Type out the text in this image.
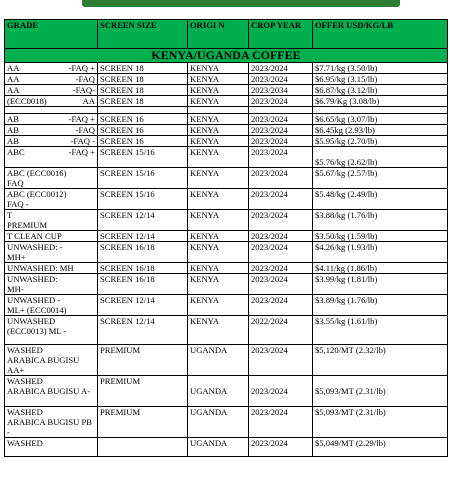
GRADE	SCREEN SIZE	ORIGI N	CROP YEAR	OFFER USD/KG/LB
KENYA/UGANDA COFFEE				

AA -FAQ +	SCREEN 18	KENYA	2023/2024	$7.71/kg (3.50/lb)

AA -FAQ	SCREEN 18	KENYA	2023/2024	$6.95/kg (3.15/lb)

AA -FAQ-	SCREEN 18	KENYA	2023/2034	$6.87/kg (3.12/lb)

(ECC0018) AA	SCREEN 18	KENYA	2023/2024	$6.79/Kg (3.08/lb)

AB -FAQ +	SCREEN 16	KENYA	2023/2024	$6.65/kg (3.07/lb)

AB -FAQ	SCREEN 16	KENYA	2023/2024	$6.45kg (2.93/lb)

AB -FAQ -	SCREEN 16	KENYA	2023/2024	$5.95/kg (2.70/lb)

ABC -FAQ +	SCREEN 15/16	KENYA	2023/2024	$5.76/kg (2.62/lb)

ABC (ECC0016)
FAQ	SCREEN 15/16	KENYA	2023/2024	$5.67/kg (2.57/lb)

ABC (ECC0012)
FAQ -	SCREEN 15/16	KENYA	2023/2024	$5.48/kg (2.49/lb)

T
PREMIUM	SCREEN 12/14	KENYA	2023/2024	$3.88/kg (1.76/lb)
T CLEAN CUP	SCREEN 12/14	KENYA	2023/2024	$3.50/kg (1.59/lb)

UNWASHED: -
MH+	SCREEN 16/18	KENYA	2023/2024	$4.26/kg (1.93/lb)
UNWASHED: MH	SCREEN 16/18	KENYA	2023/2024	$4.11/kg (1.86/lb)

UNWASHED:
MH-	SCREEN 16/18	KENYA	2023/2024	$3.99/kg (1.81/lb)

UNWASHED -
ML+ (ECC0014)	SCREEN 12/14	KENYA	2023/2024	$3.89/kg (1.76/lb)

UNWASHED
(ECC0013) ML -	SCREEN 12/14	KENYA	2022/2024	$3.55/kg (1.61/lb)

WASHED
ARABICA BUGISU AA+	PREMIUM	UGANDA	2023/2024	$5,120/MT (2.32/lb)

WASHED
ARABICA BUGISU A-	PREMIUM	UGANDA	2023/2024	$5,093/MT (2.31/lb)

WASHED
ARABICA BUGISU PB -	PREMIUM	UGANDA	2023/2024	$5,093/MT (2.31/lb)

WASHED		UGANDA	2023/2024	$5,049/MT (2.29/lb)
